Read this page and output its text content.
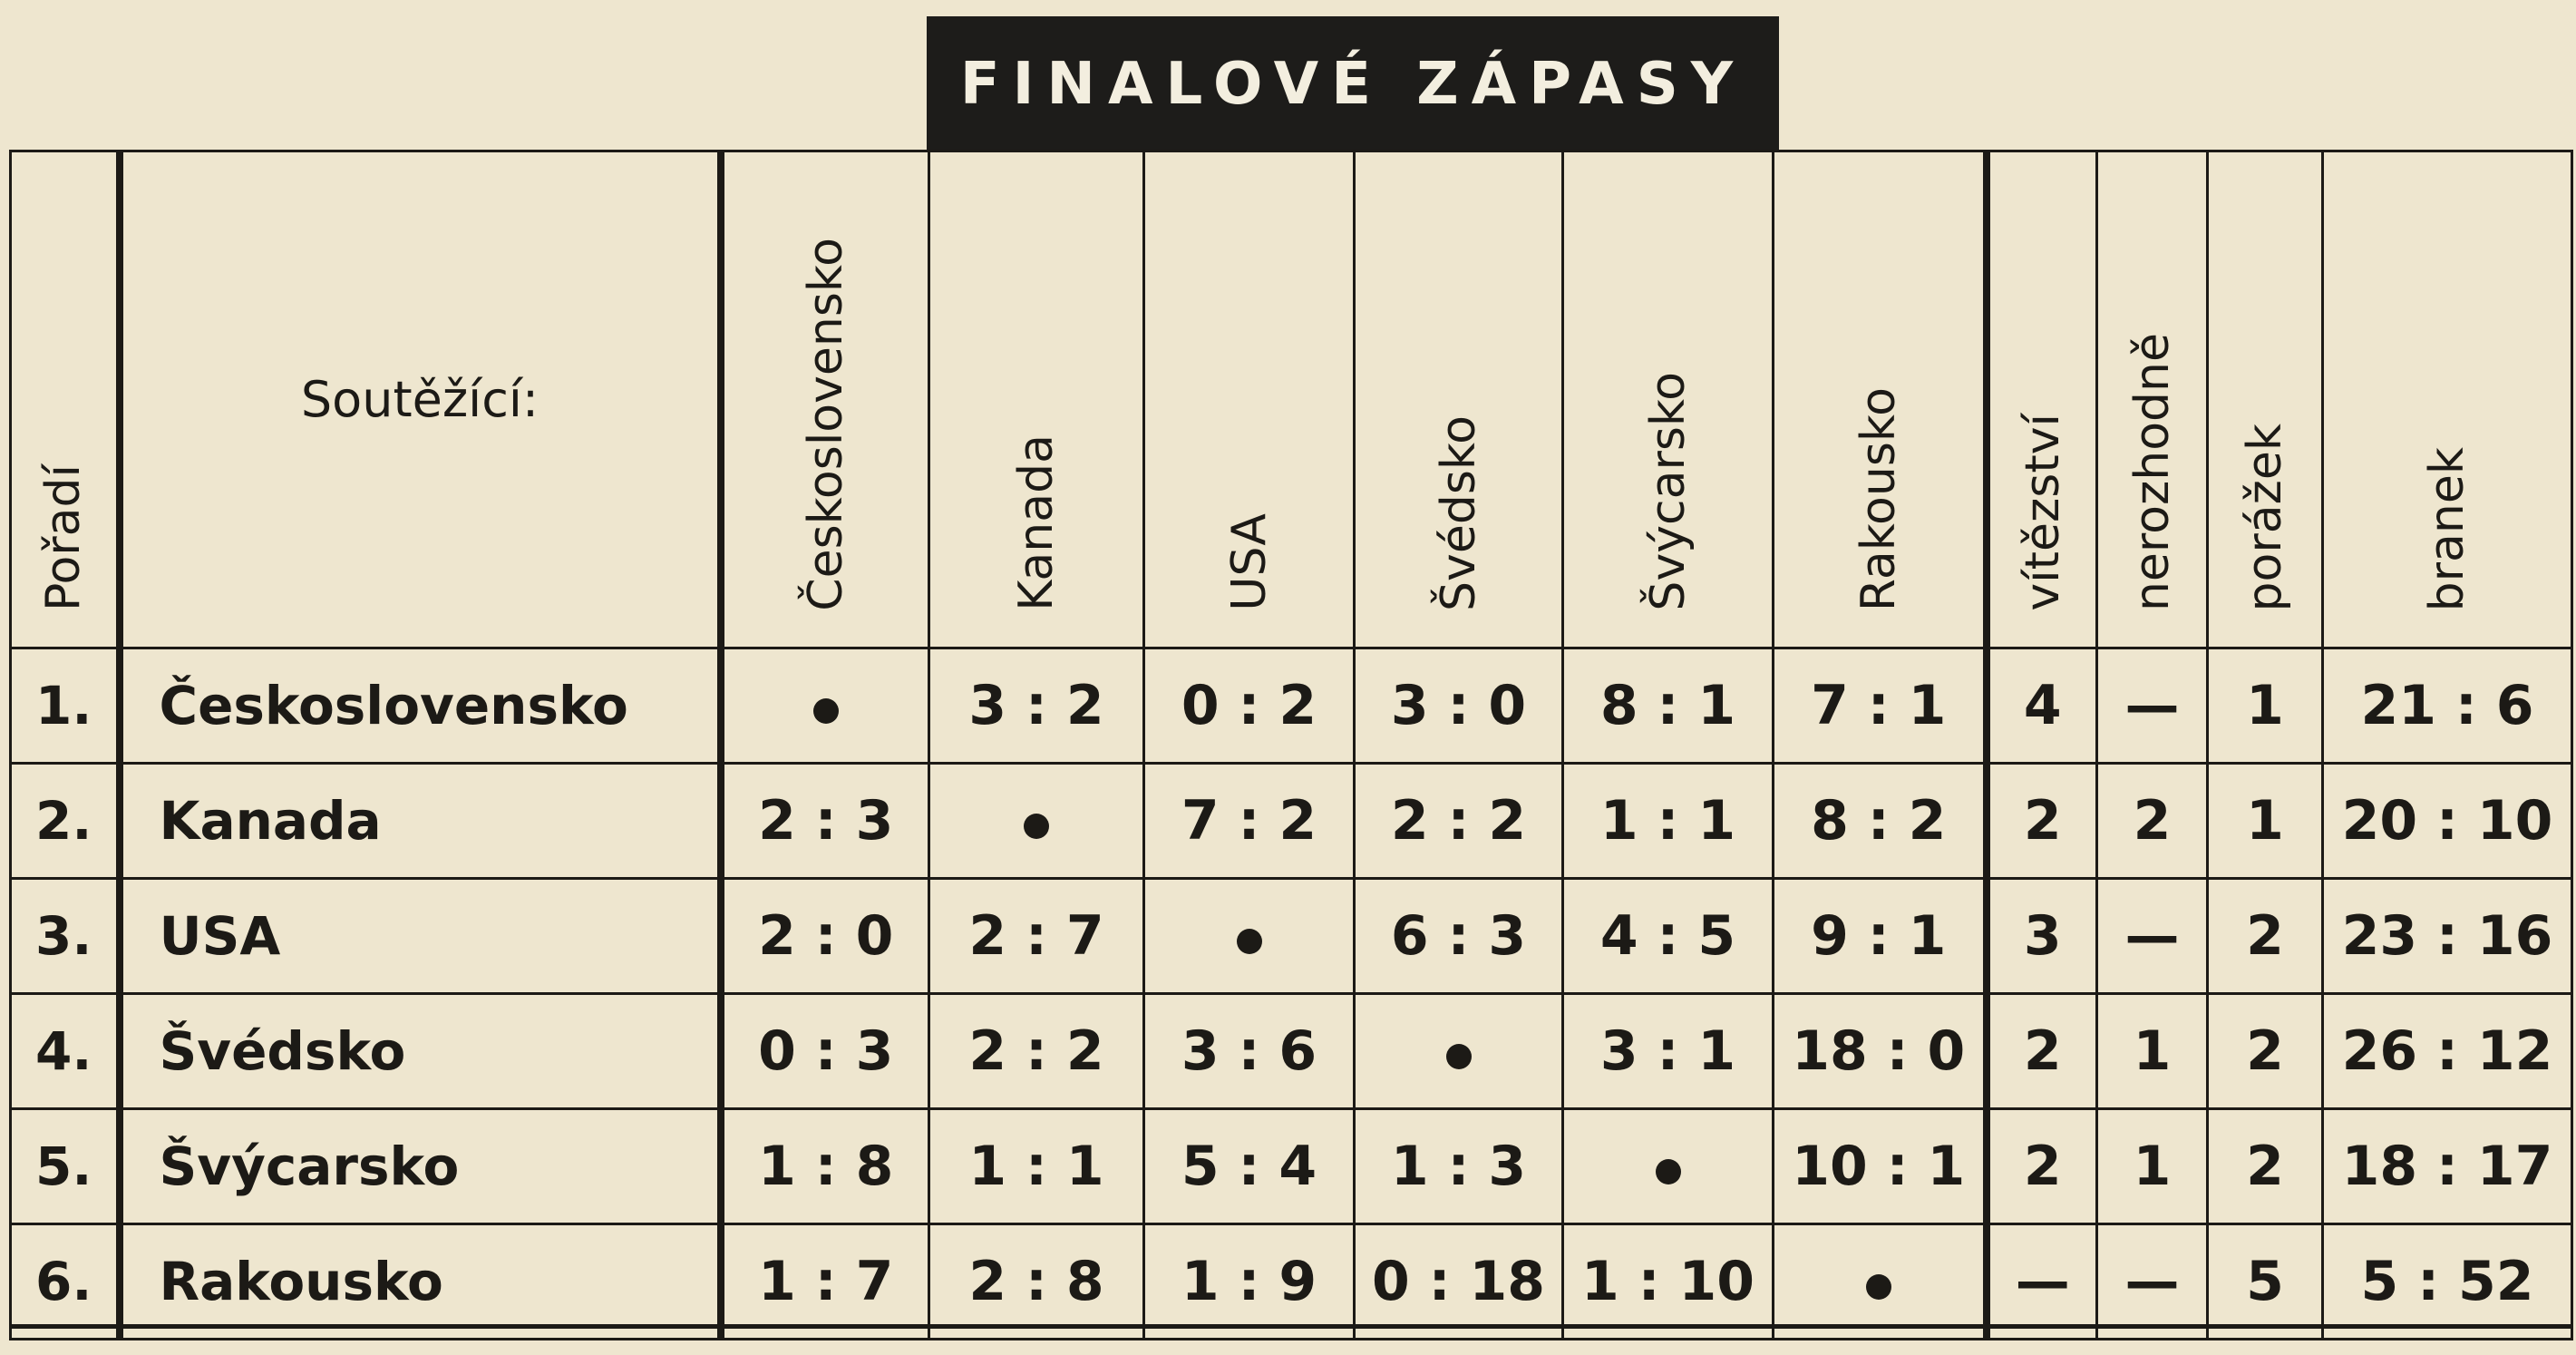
FINALOVÉ ZÁPASY
Pořadí	Soutěžící:	Československo	Kanada	USA	Švédsko	Švýcarsko	Rakousko	vítězství	nerozhodně	porážek	branek
1.	Československo		3 : 2	0 : 2	3 : 0	8 : 1	7 : 1	4	—	1	21 : 6
2.	Kanada	2 : 3		7 : 2	2 : 2	1 : 1	8 : 2	2	2	1	20 : 10
3.	USA	2 : 0	2 : 7		6 : 3	4 : 5	9 : 1	3	—	2	23 : 16
4.	Švédsko	0 : 3	2 : 2	3 : 6		3 : 1	18 : 0	2	1	2	26 : 12
5.	Švýcarsko	1 : 8	1 : 1	5 : 4	1 : 3		10 : 1	2	1	2	18 : 17
6.	Rakousko	1 : 7	2 : 8	1 : 9	0 : 18	1 : 10		—	—	5	5 : 52
